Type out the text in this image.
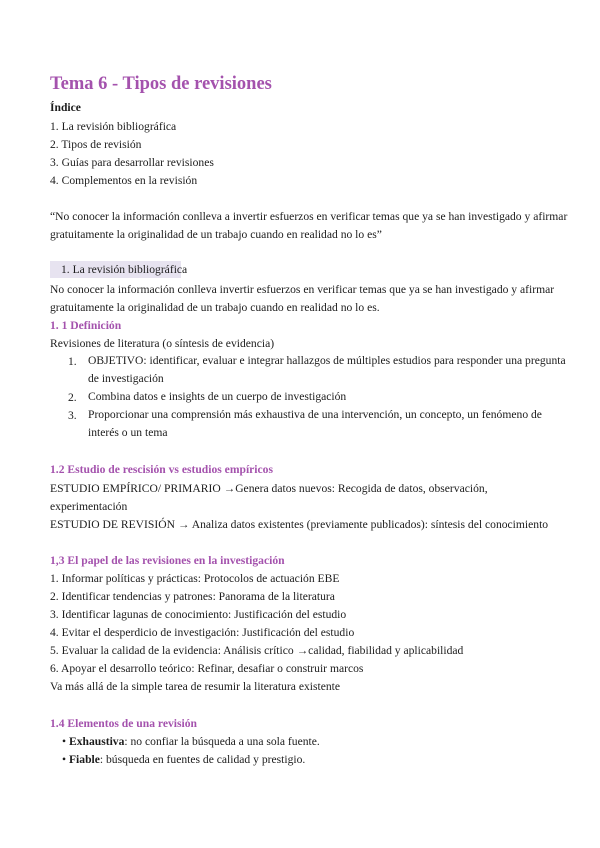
Tema 6 - Tipos de revisiones
Índice
1. La revisión bibliográfica
2. Tipos de revisión
3. Guías para desarrollar revisiones
4. Complementos en la revisión
“No conocer la información conlleva a invertir esfuerzos en verificar temas que ya se han investigado y afirmar
gratuitamente la originalidad de un trabajo cuando en realidad no lo es”
1. La revisión bibliográfica
No conocer la información conlleva invertir esfuerzos en verificar temas que ya se han investigado y afirmar
gratuitamente la originalidad de un trabajo cuando en realidad no lo es.
1. 1 Definición
Revisiones de literatura (o síntesis de evidencia)
1. OBJETIVO: identificar, evaluar e integrar hallazgos de múltiples estudios para responder una pregunta de investigación
2. Combina datos e insights de un cuerpo de investigación
3. Proporcionar una comprensión más exhaustiva de una intervención, un concepto, un fenómeno de interés o un tema
1.2 Estudio de rescisión vs estudios empíricos
ESTUDIO EMPÍRICO/ PRIMARIO →Genera datos nuevos: Recogida de datos, observación,
experimentación
ESTUDIO DE REVISIÓN → Analiza datos existentes (previamente publicados): síntesis del conocimiento
1,3 El papel de las revisiones en la investigación
1. Informar políticas y prácticas: Protocolos de actuación EBE
2. Identificar tendencias y patrones: Panorama de la literatura
3. Identificar lagunas de conocimiento: Justificación del estudio
4. Evitar el desperdicio de investigación: Justificación del estudio
5. Evaluar la calidad de la evidencia: Análisis crítico →calidad, fiabilidad y aplicabilidad
6. Apoyar el desarrollo teórico: Refinar, desafiar o construir marcos
Va más allá de la simple tarea de resumir la literatura existente
1.4 Elementos de una revisión
• Exhaustiva: no confiar la búsqueda a una sola fuente.
• Fiable: búsqueda en fuentes de calidad y prestigio.
